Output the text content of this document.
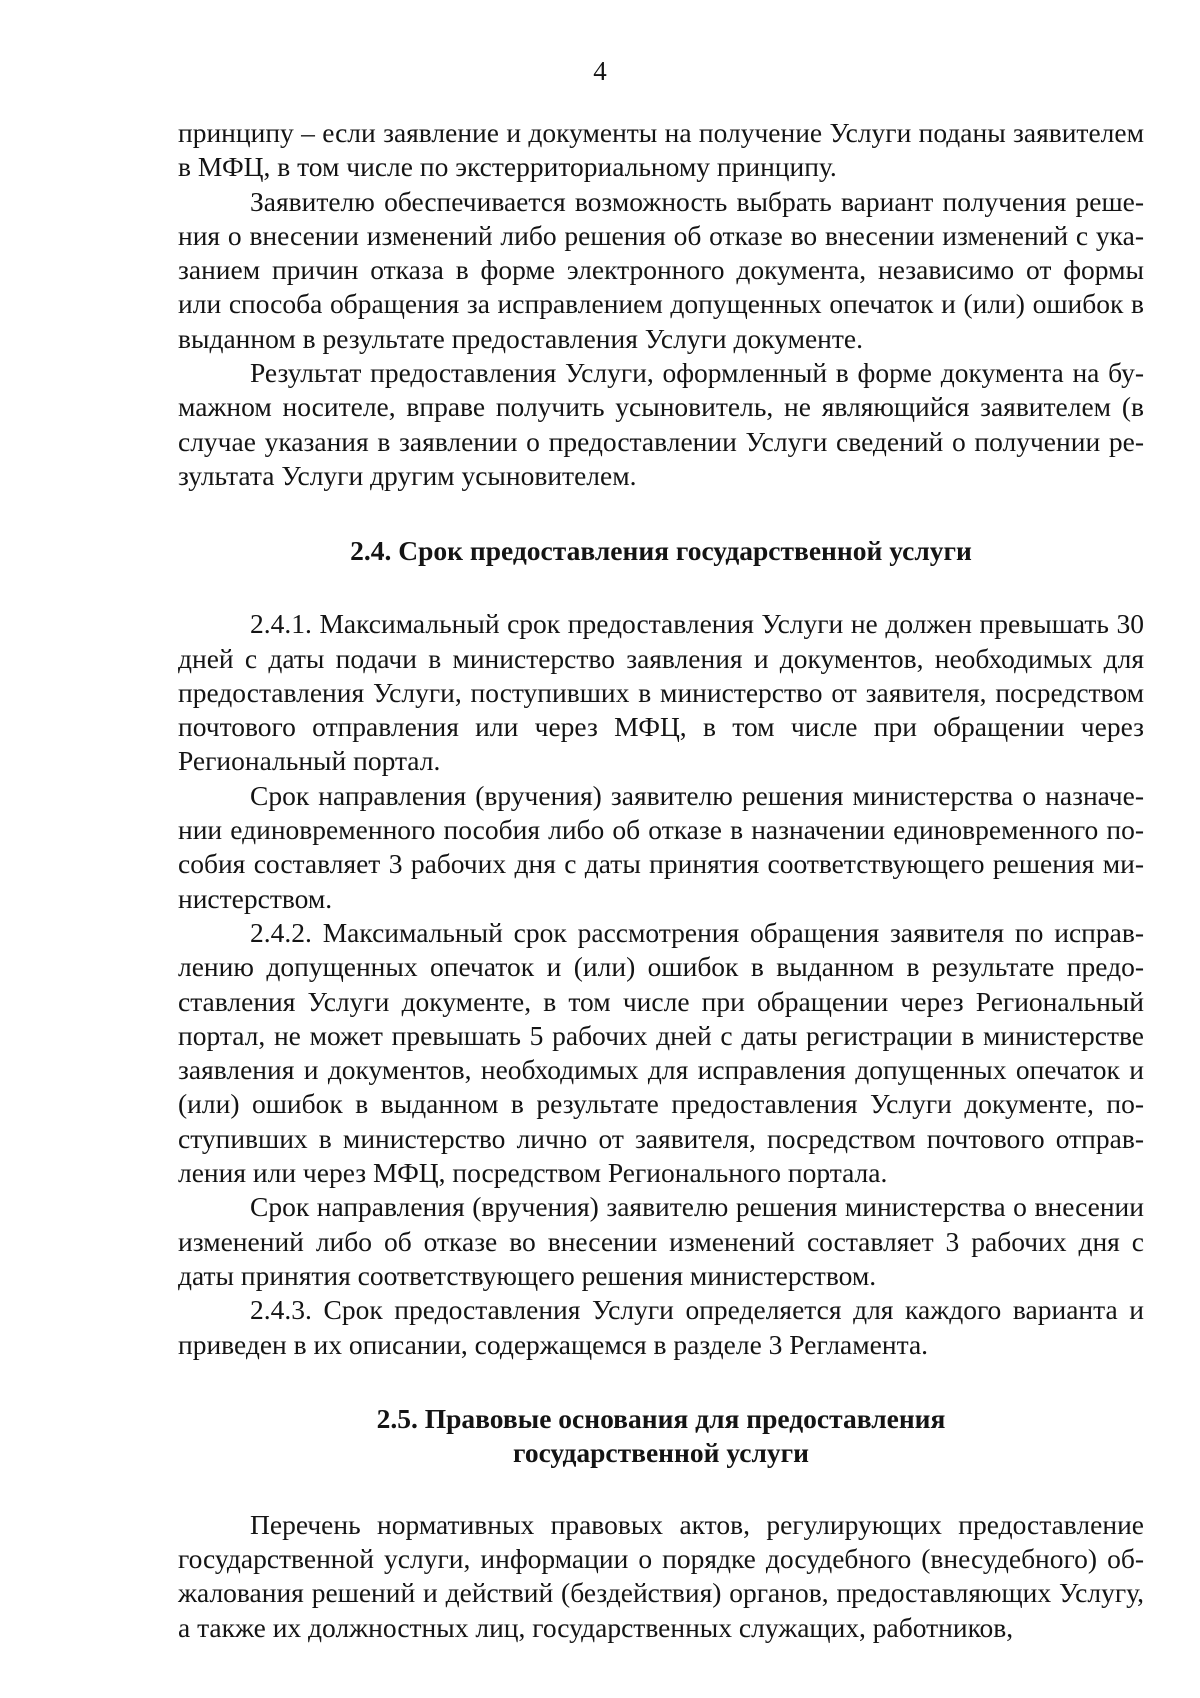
4

принципу – если заявление и документы на получение Услуги поданы заявителем в МФЦ, в том числе по экстерриториальному принципу.

Заявителю обеспечивается возможность выбрать вариант получения решения о внесении изменений либо решения об отказе во внесении изменений с указанием причин отказа в форме электронного документа, независимо от формы или способа обращения за исправлением допущенных опечаток и (или) ошибок в выданном в результате предоставления Услуги документе.

Результат предоставления Услуги, оформленный в форме документа на бумажном носителе, вправе получить усыновитель, не являющийся заявителем (в случае указания в заявлении о предоставлении Услуги сведений о получении результата Услуги другим усыновителем.

2.4. Срок предоставления государственной услуги

2.4.1. Максимальный срок предоставления Услуги не должен превышать 30 дней с даты подачи в министерство заявления и документов, необходимых для предоставления Услуги, поступивших в министерство от заявителя, посредством почтового отправления или через МФЦ, в том числе при обращении через Региональный портал.

Срок направления (вручения) заявителю решения министерства о назначении единовременного пособия либо об отказе в назначении единовременного пособия составляет 3 рабочих дня с даты принятия соответствующего решения министерством.

2.4.2. Максимальный срок рассмотрения обращения заявителя по исправлению допущенных опечаток и (или) ошибок в выданном в результате предоставления Услуги документе, в том числе при обращении через Региональный портал, не может превышать 5 рабочих дней с даты регистрации в министерстве заявления и документов, необходимых для исправления допущенных опечаток и (или) ошибок в выданном в результате предоставления Услуги документе, поступивших в министерство лично от заявителя, посредством почтового отправления или через МФЦ, посредством Регионального портала.

Срок направления (вручения) заявителю решения министерства о внесении изменений либо об отказе во внесении изменений составляет 3 рабочих дня с даты принятия соответствующего решения министерством.

2.4.3. Срок предоставления Услуги определяется для каждого варианта и приведен в их описании, содержащемся в разделе 3 Регламента.

2.5. Правовые основания для предоставления
государственной услуги

Перечень нормативных правовых актов, регулирующих предоставление государственной услуги, информации о порядке досудебного (внесудебного) обжалования решений и действий (бездействия) органов, предоставляющих Услугу, а также их должностных лиц, государственных служащих, работников,
